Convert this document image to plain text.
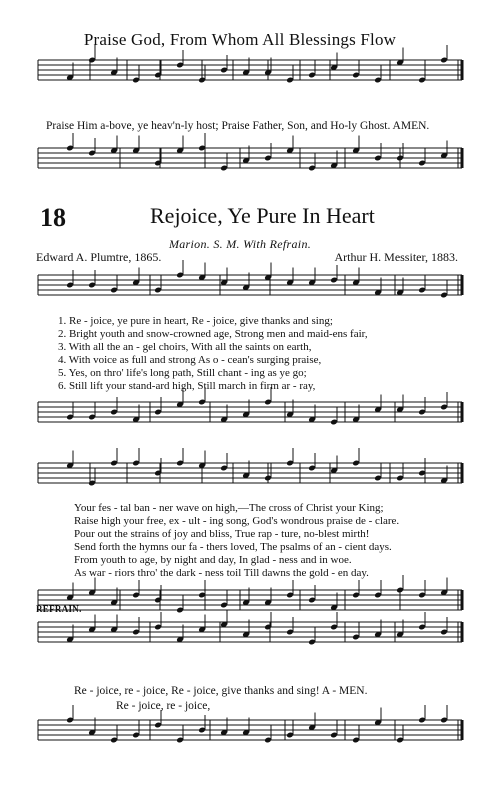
Praise God, From Whom All Blessings Flow
Praise Him a-bove, ye heav'n-ly host; Praise Father, Son, and Ho-ly Ghost. AMEN.
18	Rejoice, Ye Pure In Heart
Marion. S. M. With Refrain.
Edward A. Plumtre, 1865.	Arthur H. Messiter, 1883.
1. Re - joice, ye pure in heart, Re - joice, give thanks and sing;
2. Bright youth and snow-crowned age, Strong men and maid-ens fair,
3. With all the an - gel choirs, With all the saints on earth,
4. With voice as full and strong As o - cean's surging praise,
5. Yes, on thro' life's long path, Still chant - ing as ye go;
6. Still lift your stand-ard high, Still march in firm ar - ray,
Your fes - tal ban - ner wave on high,—The cross of Christ your King;
Raise high your free, ex - ult - ing song, God's wondrous praise de - clare.
Pour out the strains of joy and bliss, True rap - ture, no-blest mirth!
Send forth the hymns our fa - thers loved, The psalms of an - cient days.
From youth to age, by night and day, In glad - ness and in woe.
As war - riors thro' the dark - ness toil Till dawns the gold - en day.
REFRAIN.
Re - joice, re - joice, Re - joice, give thanks and sing! A - MEN.
Re - joice, re - joice,
